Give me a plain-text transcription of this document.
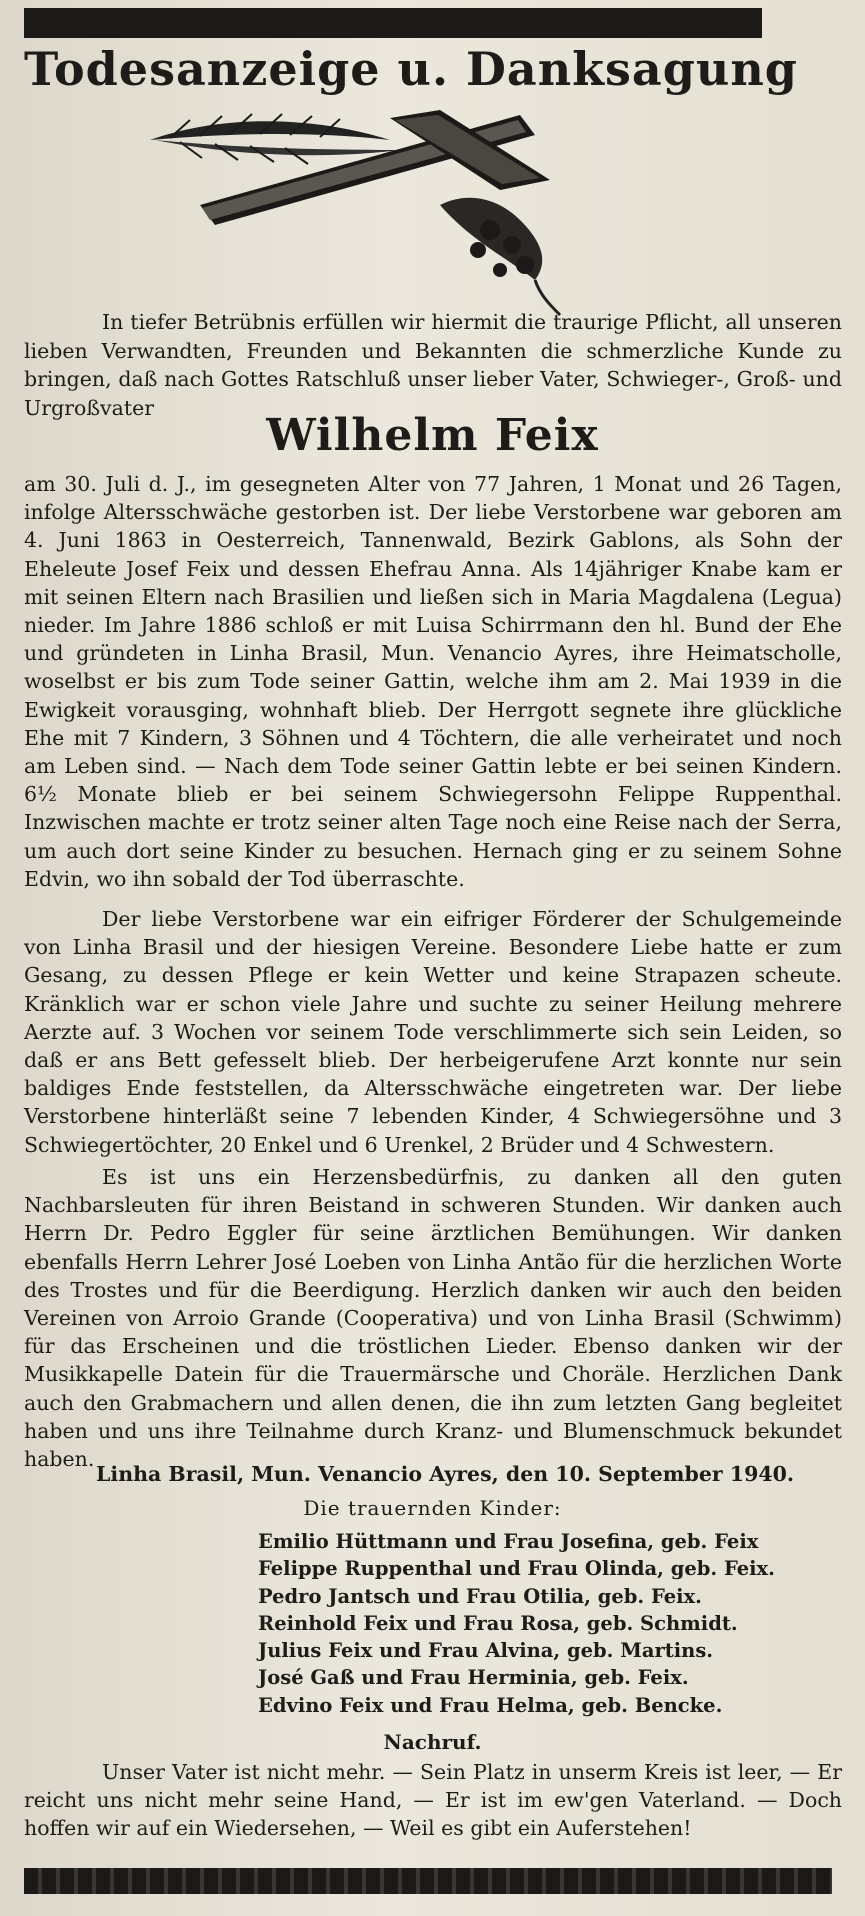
Todesanzeige u. Danksagung
In tiefer Betrübnis erfüllen wir hiermit die traurige Pflicht, all unseren lieben Verwandten, Freunden und Bekannten die schmerzliche Kunde zu bringen, daß nach Gottes Ratschluß unser lieber Vater, Schwieger-, Groß- und Urgroßvater
Wilhelm Feix
am 30. Juli d. J., im gesegneten Alter von 77 Jahren, 1 Monat und 26 Tagen, infolge Altersschwäche gestorben ist. Der liebe Verstorbene war geboren am 4. Juni 1863 in Oesterreich, Tannenwald, Bezirk Gablons, als Sohn der Eheleute Josef Feix und dessen Ehefrau Anna. Als 14jähriger Knabe kam er mit seinen Eltern nach Brasilien und ließen sich in Maria Magdalena (Legua) nieder. Im Jahre 1886 schloß er mit Luisa Schirrmann den hl. Bund der Ehe und gründeten in Linha Brasil, Mun. Venancio Ayres, ihre Heimatscholle, woselbst er bis zum Tode seiner Gattin, welche ihm am 2. Mai 1939 in die Ewigkeit vorausging, wohnhaft blieb. Der Herrgott segnete ihre glückliche Ehe mit 7 Kindern, 3 Söhnen und 4 Töchtern, die alle verheiratet und noch am Leben sind. — Nach dem Tode seiner Gattin lebte er bei seinen Kindern. 6½ Monate blieb er bei seinem Schwiegersohn Felippe Ruppenthal. Inzwischen machte er trotz seiner alten Tage noch eine Reise nach der Serra, um auch dort seine Kinder zu besuchen. Hernach ging er zu seinem Sohne Edvin, wo ihn sobald der Tod überraschte.
Der liebe Verstorbene war ein eifriger Förderer der Schulgemeinde von Linha Brasil und der hiesigen Vereine. Besondere Liebe hatte er zum Gesang, zu dessen Pflege er kein Wetter und keine Strapazen scheute. Kränklich war er schon viele Jahre und suchte zu seiner Heilung mehrere Aerzte auf. 3 Wochen vor seinem Tode verschlimmerte sich sein Leiden, so daß er ans Bett gefesselt blieb. Der herbeigerufene Arzt konnte nur sein baldiges Ende feststellen, da Altersschwäche eingetreten war. Der liebe Verstorbene hinterläßt seine 7 lebenden Kinder, 4 Schwiegersöhne und 3 Schwiegertöchter, 20 Enkel und 6 Urenkel, 2 Brüder und 4 Schwestern.
Es ist uns ein Herzensbedürfnis, zu danken all den guten Nachbarsleuten für ihren Beistand in schweren Stunden. Wir danken auch Herrn Dr. Pedro Eggler für seine ärztlichen Bemühungen. Wir danken ebenfalls Herrn Lehrer José Loeben von Linha Antão für die herzlichen Worte des Trostes und für die Beerdigung. Herzlich danken wir auch den beiden Vereinen von Arroio Grande (Cooperativa) und von Linha Brasil (Schwimm) für das Erscheinen und die tröstlichen Lieder. Ebenso danken wir der Musikkapelle Datein für die Trauermärsche und Choräle. Herzlichen Dank auch den Grabmachern und allen denen, die ihn zum letzten Gang begleitet haben und uns ihre Teilnahme durch Kranz- und Blumenschmuck bekundet haben.
Linha Brasil, Mun. Venancio Ayres, den 10. September 1940.
Die trauernden Kinder:
Emilio Hüttmann und Frau Josefina, geb. Feix
Felippe Ruppenthal und Frau Olinda, geb. Feix.
Pedro Jantsch und Frau Otilia, geb. Feix.
Reinhold Feix und Frau Rosa, geb. Schmidt.
Julius Feix und Frau Alvina, geb. Martins.
José Gaß und Frau Herminia, geb. Feix.
Edvino Feix und Frau Helma, geb. Bencke.
Nachruf.
Unser Vater ist nicht mehr. — Sein Platz in unserm Kreis ist leer, — Er reicht uns nicht mehr seine Hand, — Er ist im ew'gen Vaterland. — Doch hoffen wir auf ein Wiedersehen, — Weil es gibt ein Auferstehen!
